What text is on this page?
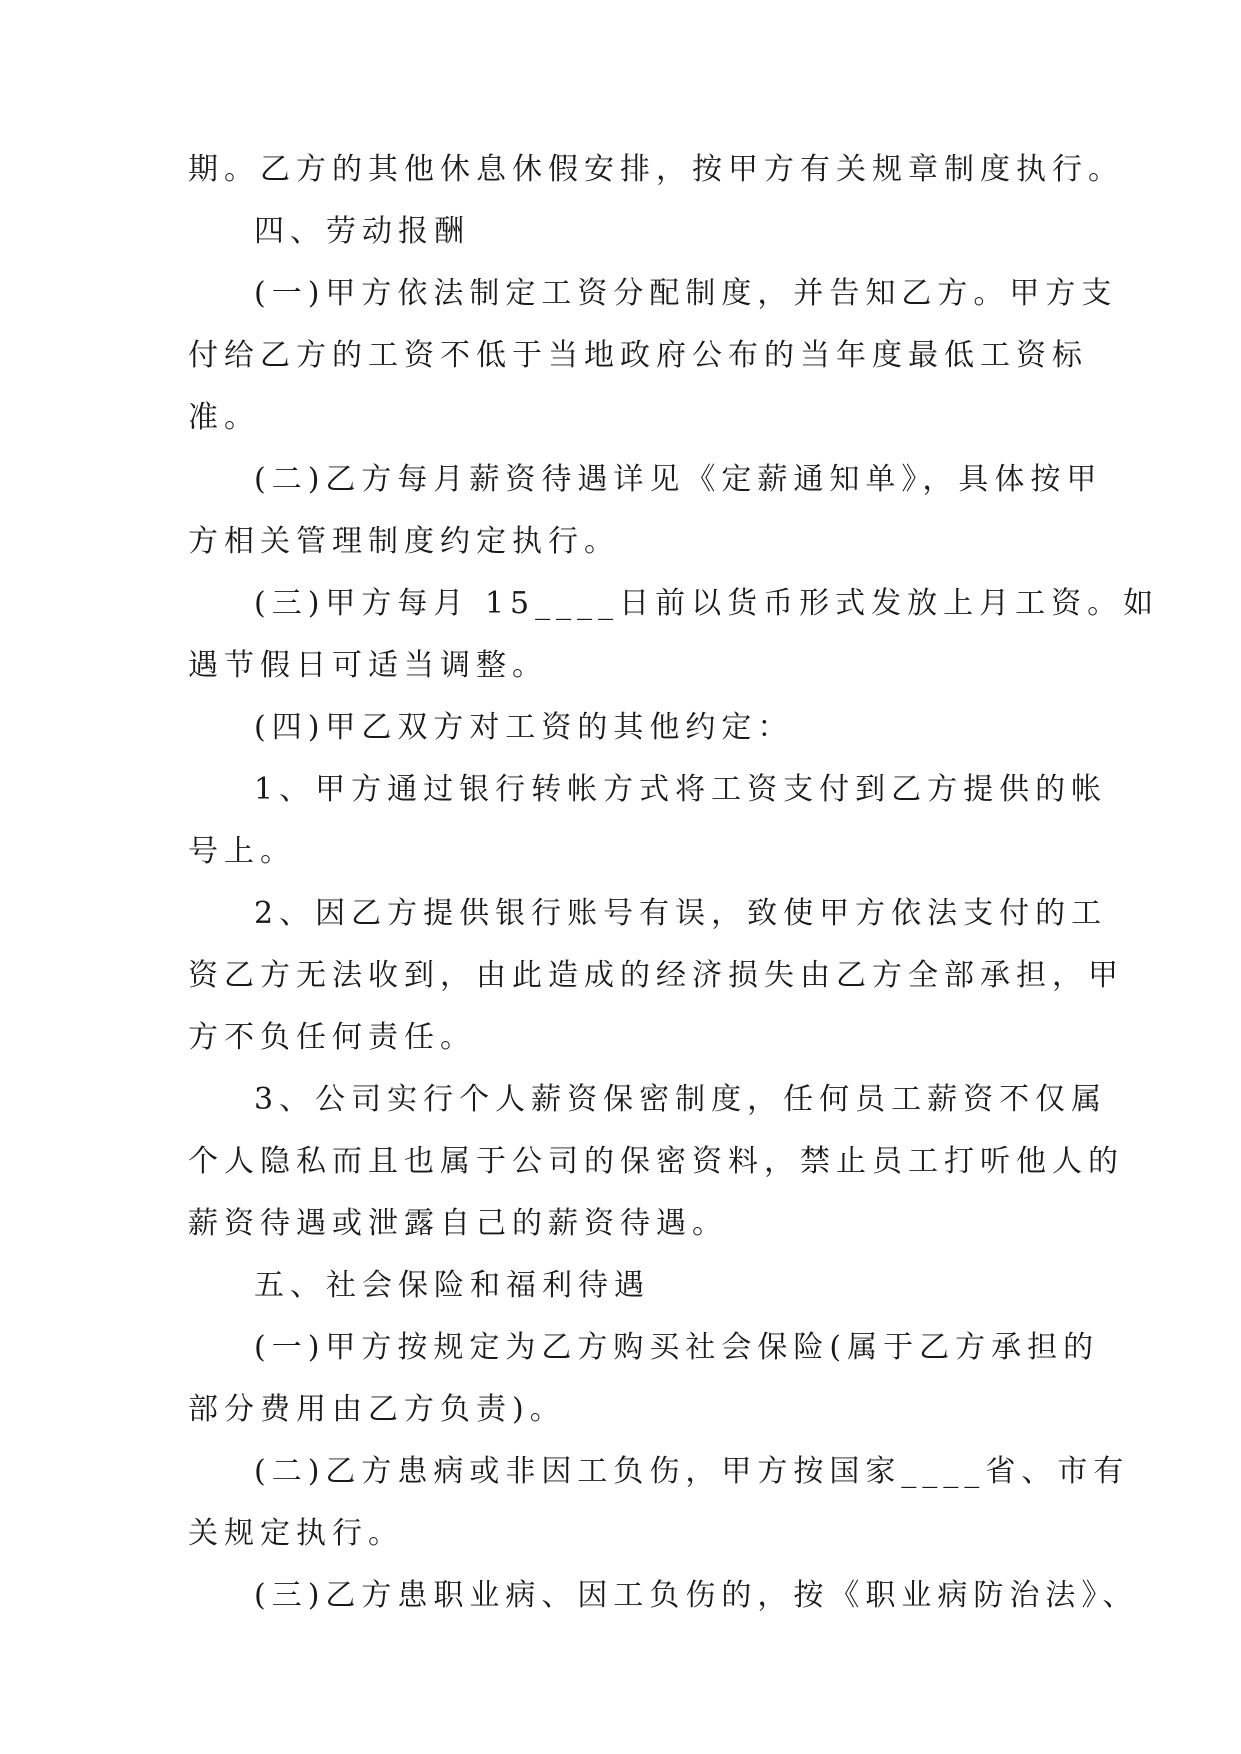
期。乙方的其他休息休假安排，按甲方有关规章制度执行。
四、劳动报酬
(一)甲方依法制定工资分配制度，并告知乙方。甲方支
付给乙方的工资不低于当地政府公布的当年度最低工资标
准。
(二)乙方每月薪资待遇详见《定薪通知单》，具体按甲
方相关管理制度约定执行。
(三)甲方每月 15____日前以货币形式发放上月工资。如
遇节假日可适当调整。
(四)甲乙双方对工资的其他约定：
1、甲方通过银行转帐方式将工资支付到乙方提供的帐
号上。
2、因乙方提供银行账号有误，致使甲方依法支付的工
资乙方无法收到，由此造成的经济损失由乙方全部承担，甲
方不负任何责任。
3、公司实行个人薪资保密制度，任何员工薪资不仅属
个人隐私而且也属于公司的保密资料，禁止员工打听他人的
薪资待遇或泄露自己的薪资待遇。
五、社会保险和福利待遇
(一)甲方按规定为乙方购买社会保险(属于乙方承担的
部分费用由乙方负责)。
(二)乙方患病或非因工负伤，甲方按国家____省、市有
关规定执行。
(三)乙方患职业病、因工负伤的，按《职业病防治法》、
